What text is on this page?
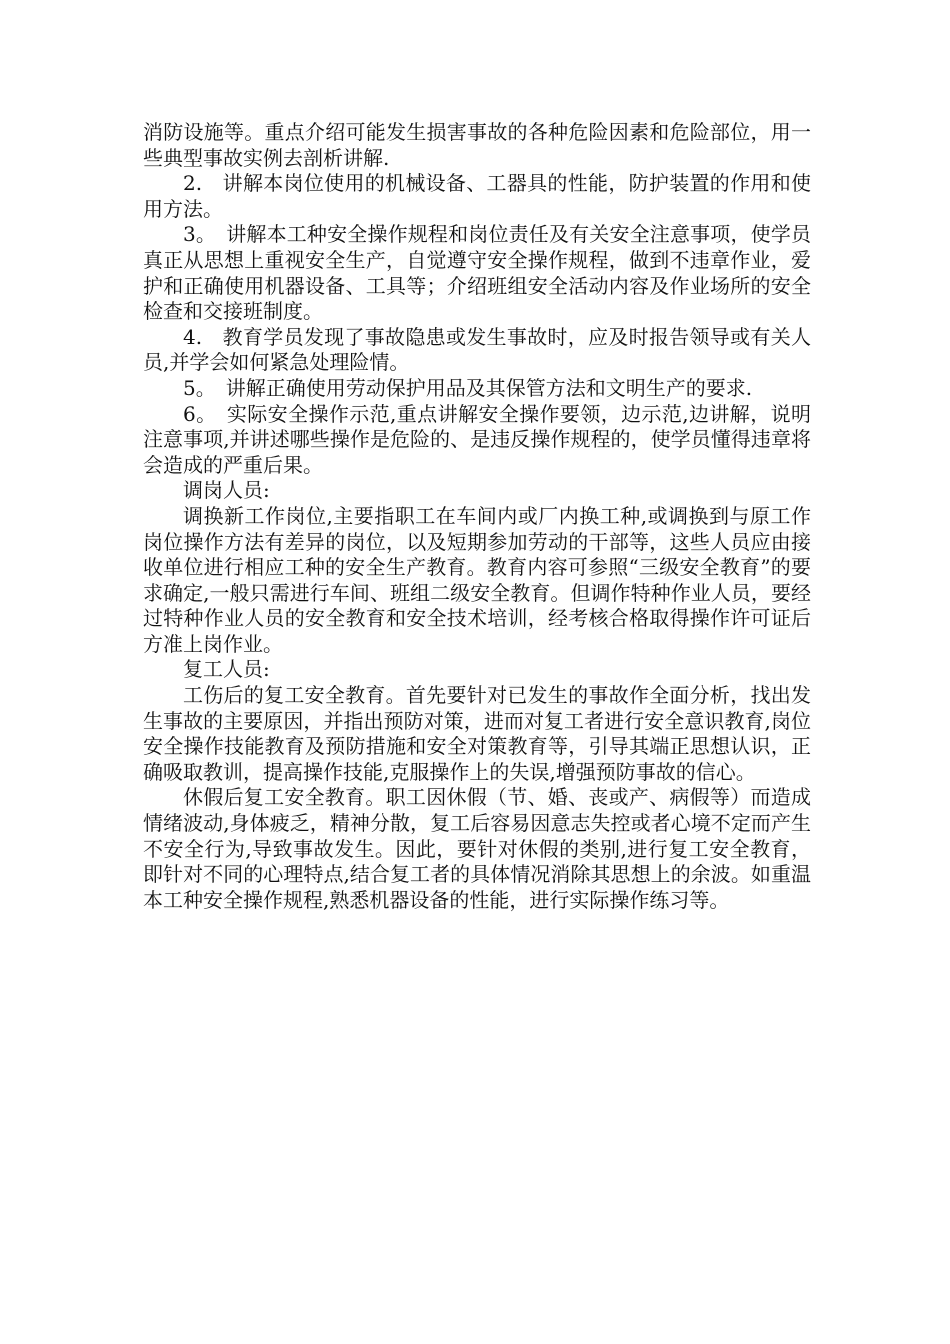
消防设施等。重点介绍可能发生损害事故的各种危险因素和危险部位，用一些典型事故实例去剖析讲解.

2.　讲解本岗位使用的机械设备、工器具的性能，防护装置的作用和使用方法。

3。　讲解本工种安全操作规程和岗位责任及有关安全注意事项，使学员真正从思想上重视安全生产，自觉遵守安全操作规程，做到不违章作业，爱护和正确使用机器设备、工具等；介绍班组安全活动内容及作业场所的安全检查和交接班制度。

4.　教育学员发现了事故隐患或发生事故时，应及时报告领导或有关人员,并学会如何紧急处理险情。

5。　讲解正确使用劳动保护用品及其保管方法和文明生产的要求.

6。　实际安全操作示范,重点讲解安全操作要领，边示范,边讲解，说明注意事项,并讲述哪些操作是危险的、是违反操作规程的，使学员懂得违章将会造成的严重后果。

调岗人员:

调换新工作岗位,主要指职工在车间内或厂内换工种,或调换到与原工作岗位操作方法有差异的岗位，以及短期参加劳动的干部等，这些人员应由接收单位进行相应工种的安全生产教育。教育内容可参照“三级安全教育”的要求确定,一般只需进行车间、班组二级安全教育。但调作特种作业人员，要经过特种作业人员的安全教育和安全技术培训，经考核合格取得操作许可证后方准上岗作业。

复工人员:

工伤后的复工安全教育。首先要针对已发生的事故作全面分析，找出发生事故的主要原因，并指出预防对策，进而对复工者进行安全意识教育,岗位安全操作技能教育及预防措施和安全对策教育等，引导其端正思想认识，正确吸取教训，提高操作技能,克服操作上的失误,增强预防事故的信心。

休假后复工安全教育。职工因休假（节、婚、丧或产、病假等）而造成情绪波动,身体疲乏，精神分散，复工后容易因意志失控或者心境不定而产生不安全行为,导致事故发生。因此，要针对休假的类别,进行复工安全教育，即针对不同的心理特点,结合复工者的具体情况消除其思想上的余波。如重温本工种安全操作规程,熟悉机器设备的性能，进行实际操作练习等。
